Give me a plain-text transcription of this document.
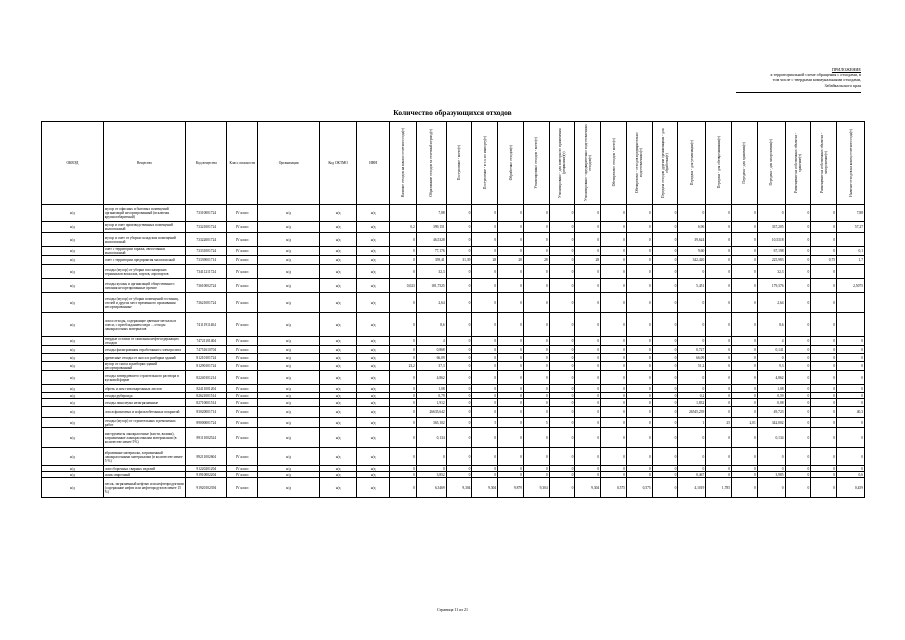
ПРИЛОЖЕНИЕ
к территориальной схеме обращения с отходами, в
том числе с твердыми коммунальными отходами,
Забайкальского края
Количество образующихся отходов
ОКВЭД	Вещество	Код вещества	Класс опасности	Организация	Код ОКТМО	ИНН	Наличие отходов на начало отчетного года(т)	Образование отходов за отчетный период(т)	Поступление - всего(т)	Поступление - в т.ч. по импорту(т)	Обработано отходов(т)	Утилизировано отходов - всего(т)	Утилизировано - для повторного применения (рециклинг)(т)	Утилизировано - предварительно подготовленных отходов(т)	Обезврежено отходов - всего(т)	Обезврежено - отходов предварительно подготовленных(т)	Передача отходов другим организациям - для обработки(т)	Передача - для утилизации(т)	Передача - для обезвреживания(т)	Передача - для хранения(т)	Передача - для захоронения(т)	Размещение на собственных объектах - хранение(т)	Размещение на собственных объектах - захоронение(т)	Наличие отходов на конец отчетного года(т)
н/д	мусор от офисных и бытовых помещений организаций несортированный (исключая крупногабаритный)	73310001724	IV класс	н/д	н/д	н/д		7,88	0	0	0	0	0	0	0	0	0	0	0	0	0	0	0	7,88
н/д	мусор и смет производственных помещений малоопасный	73321001724	IV класс	н/д	н/д	н/д	0,2	399,151	0	0	0	0	0	0	0	0	0	6,96	0	0	337,205	0	0	57,27
н/д	мусор и смет от уборки складских помещений малоопасный	73322001724	IV класс	н/д	н/д	н/д	0	46,5328	0	0	0	0	0	0	0	0	0	39,624	0	0	10,5318	0	0	
н/д	смет с территории гаража, автостоянки малоопасный	73331001724	IV класс	н/д	н/д	н/д	0	77,176	0	0	0	0	0	0	0	0	0	9,60	0	0	67,198	0	0	0,1
н/д	смет с территории предприятия малоопасный	73339001714	IV класс	н/д	н/д	н/д	0	359,41	31,39	28	28	28	0	28	0	0	0	342,420	0	0	225,983	0	0,75	1,7
н/д	отходы (мусор) от уборки пассажирских терминалов вокзалов, портов, аэропортов	73411211724	IV класс	н/д	н/д	н/д	0	32,3	0	0	0	0	0	0	0	0	0	0	0	0	32,3	0	0	
н/д	отходы кухонь и организаций общественного питания несортированные прочие	73610002724	IV класс	н/д	н/д	н/д	0,023	181,7525	0	0	0	0	0	0	0	0	0	5,451	0	0	179,376	0	0	2,5075
н/д	отходы (мусор) от уборки помещений гостиниц, отелей и других мест временного проживания несортированные	73621001724	IV класс	н/д	н/д	н/д	0	2,64	0	0	0	0	0	0	0	0	0	0	0	0	2,64	0	0	
н/д	лом и отходы, содержащие цветные металлы в смеси, с преобладанием меди ... отходы лакокрасочных материалов	74111911404	IV класс	н/д	н/д	н/д	0	8,6	0	0	0	0	0	0	0	0	0	0	0	0	8,6	0	0	
н/д	твердые остатки от сжигания нефтесодержащих отходов	74721101404	IV класс	н/д	н/д	н/д	0	4	0	0	0	0	0	0	0	0	0	0	0	0	4	0	0	0
н/д	отходы фильтрования отработанного электролита	74751610704	IV класс	н/д	н/д	н/д	0	0,868	0	0	0	0	0	0	0	0	0	0,727	0	0	0,141	0	0	0
н/д	древесные отходы от сноса и разборки зданий	81210101724	IV класс	н/д	н/д	н/д	0	66,09	0	0	0	0	0	0	0	0	0	66,09	0	0	0	0	0	0
н/д	мусор от сноса и разборки зданий несортированный	81290101724	IV класс	н/д	н/д	н/д	23,2	37,3	0	0	0	0	0	0	0	0	0	51,2	0	0	9,3	0	0	0
н/д	отходы затвердевшего строительного раствора в кусковой форме	82240101214	IV класс	н/д	н/д	н/д	0	4,862	0	0	0	0	0	0	0	0	0	0	0	0	4,862	0	0	0
н/д	обрезь и лом гипсокартонных листов	82411001204	IV класс	н/д	н/д	н/д	0	1,08	0	0	0	0	0	0	0	0	0	0	0	0	1,08	0	0	0
н/д	отходы рубероида	82621001514	IV класс	н/д	н/д	н/д	0	0,79	0	0	0	0	0	0	0	0	0	0,2	0	0	0,59	0	0	0
н/д	отходы линолеума незагрязненные	82710001514	IV класс	н/д	н/д	н/д	0	1,912	0	0	0	0	0	0	0	0	0	1,832	0	0	0,08	0	0	0
н/д	лом асфальтовых и асфальтобетонных покрытий	83020001714	IV класс	н/д	н/д	н/д	0	26635,642	0	0	0	0	0	0	0	0	0	26545,239	0	0	49,723	0	0	40,3
н/д	отходы (мусор) от строительных и ремонтных работ	89000001724	IV класс	н/д	н/д	н/д	0	365,102	0	5	0	5	0	0	0	0	0	1	25	2,01	342,002	0	0	0
н/д	инструменты лакокрасочные (кисти, валики), загрязненные лакокрасочными материалами (в количестве менее 5%)	89111002524	IV класс	н/д	н/д	н/д	0	0,134	0	0	0	0	0	0	0	0	0	0	0	0	0,134	0	0	0
н/д	абразивные материалы, загрязненный лакокрасочными материалами (в количестве менее 5 %)	89211002604	IV класс	н/д	н/д	н/д	0	0	0	0	0	0	0	0	0	0	0	0	0	0	0	0	0	0
н/д	лом сборочных сварных изделий	91220201204	IV класс	н/д	н/д	н/д	0	0	0	0	0	0	0	0	0	0	0	0	0	0	0	0	0	0
н/д	шлак сварочный	91910002204	IV класс	н/д	н/д	н/д	0	3,852	0	0	0	0	0	0	0	0	0	0,467	0	0	3,985	0	0	0,6
н/д	песок, загрязненный нефтью или нефтепродуктами (содержание нефти или нефтепродуктов менее 15 %)	91920102394	IV класс	н/д	н/д	н/д	0	6,3469	9,304	9,304	9,879	9,304	0	9,304	0,575	0,575	0	4,1019	1,785	0	0	0	0	0,459
Страница 11 из 21
